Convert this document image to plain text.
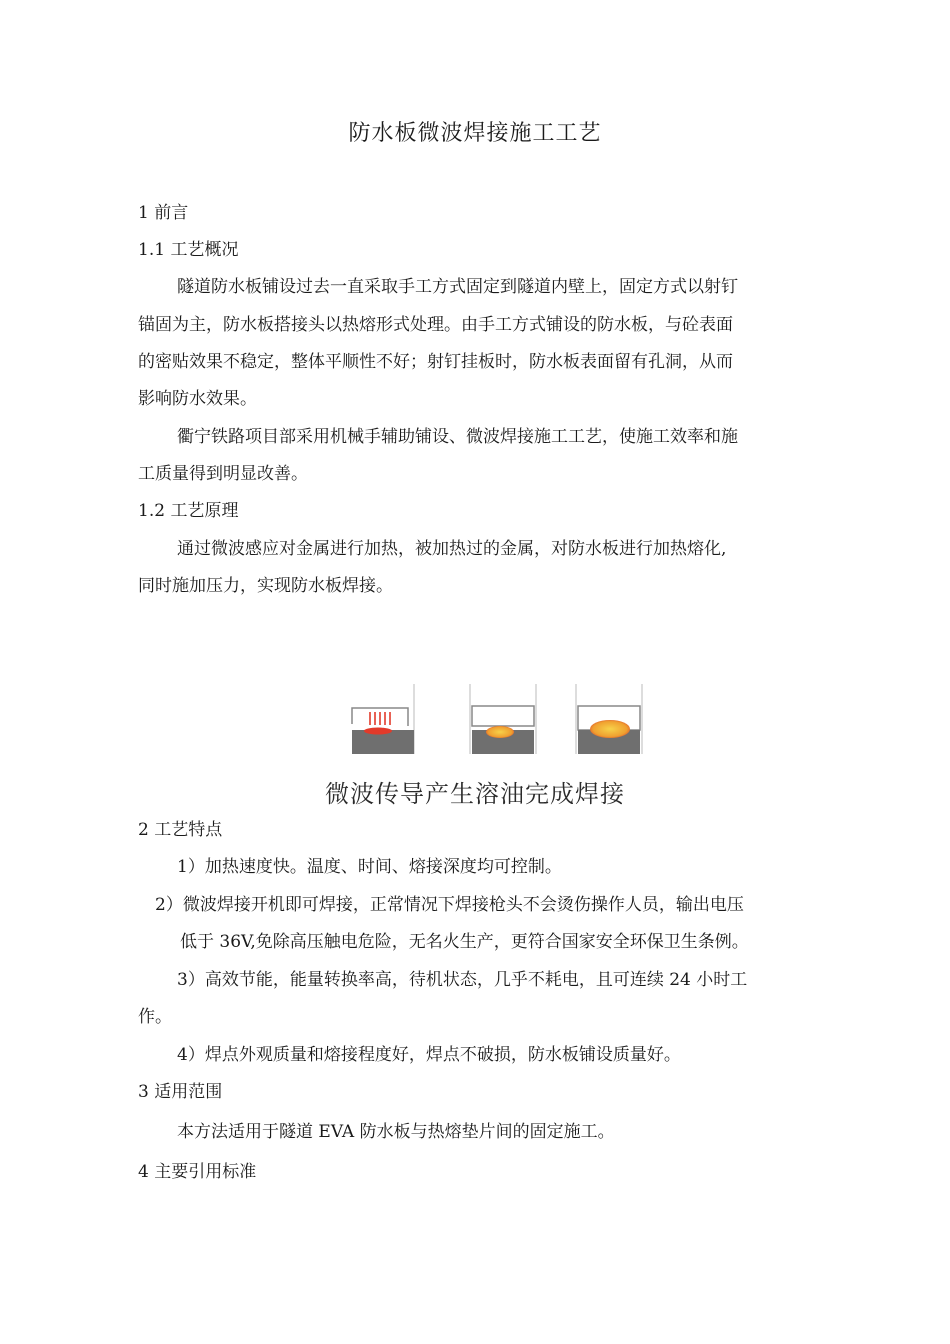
防水板微波焊接施工工艺
1 前言
1.1 工艺概况
隧道防水板铺设过去一直采取手工方式固定到隧道内壁上，固定方式以射钉
锚固为主，防水板搭接头以热熔形式处理。由手工方式铺设的防水板，与砼表面
的密贴效果不稳定，整体平顺性不好；射钉挂板时，防水板表面留有孔洞，从而
影响防水效果。
衢宁铁路项目部采用机械手辅助铺设、微波焊接施工工艺，使施工效率和施
工质量得到明显改善。
1.2 工艺原理
通过微波感应对金属进行加热，被加热过的金属，对防水板进行加热熔化,
同时施加压力，实现防水板焊接。
微波传导产生溶油完成焊接
2 工艺特点
1）加热速度快。温度、时间、熔接深度均可控制。
2）微波焊接开机即可焊接，正常情况下焊接枪头不会烫伤操作人员，输出电压
低于 36V,免除高压触电危险，无名火生产，更符合国家安全环保卫生条例。
3）高效节能，能量转换率高，待机状态，几乎不耗电，且可连续 24 小时工
作。
4）焊点外观质量和熔接程度好，焊点不破损，防水板铺设质量好。
3 适用范围
本方法适用于隧道 EVA 防水板与热熔垫片间的固定施工。
4 主要引用标准
